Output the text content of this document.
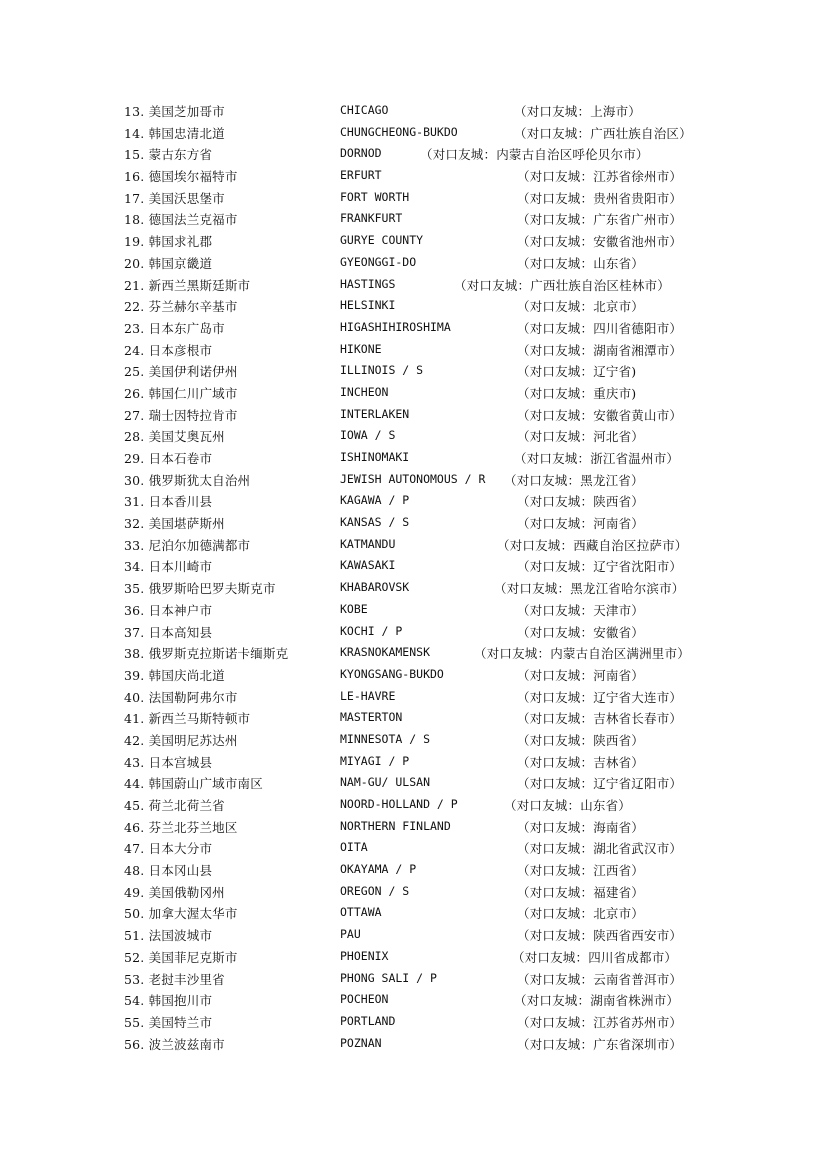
13. 美国芝加哥市	CHICAGO	（对口友城：上海市）
14. 韩国忠清北道	CHUNGCHEONG-BUKDO	（对口友城：广西壮族自治区）
15. 蒙古东方省	DORNOD	（对口友城：内蒙古自治区呼伦贝尔市）
16. 德国埃尔福特市	ERFURT	（对口友城：江苏省徐州市）
17. 美国沃思堡市	FORT WORTH	（对口友城：贵州省贵阳市）
18. 德国法兰克福市	FRANKFURT	（对口友城：广东省广州市）
19. 韩国求礼郡	GURYE COUNTY	（对口友城：安徽省池州市）
20. 韩国京畿道	GYEONGGI-DO	（对口友城：山东省）
21. 新西兰黑斯廷斯市	HASTINGS	（对口友城：广西壮族自治区桂林市）
22. 芬兰赫尔辛基市	HELSINKI	（对口友城：北京市）
23. 日本东广岛市	HIGASHIHIROSHIMA	（对口友城：四川省德阳市）
24. 日本彦根市	HIKONE	（对口友城：湖南省湘潭市）
25. 美国伊利诺伊州	ILLINOIS / S	（对口友城：辽宁省)
26. 韩国仁川广域市	INCHEON	（对口友城：重庆市)
27. 瑞士因特拉肯市	INTERLAKEN	（对口友城：安徽省黄山市）
28. 美国艾奥瓦州	IOWA / S	（对口友城：河北省）
29. 日本石卷市	ISHINOMAKI	（对口友城：浙江省温州市）
30. 俄罗斯犹太自治州	JEWISH AUTONOMOUS / R （对口友城：黑龙江省）
31. 日本香川县	KAGAWA / P	（对口友城：陕西省）
32. 美国堪萨斯州	KANSAS / S	（对口友城：河南省）
33. 尼泊尔加德满都市	KATMANDU	（对口友城：西藏自治区拉萨市）
34. 日本川崎市	KAWASAKI	（对口友城：辽宁省沈阳市）
35. 俄罗斯哈巴罗夫斯克市	KHABAROVSK	（对口友城：黑龙江省哈尔滨市）
36. 日本神户市	KOBE	（对口友城：天津市）
37. 日本高知县	KOCHI / P	（对口友城：安徽省）
38. 俄罗斯克拉斯诺卡缅斯克	KRASNOKAMENSK	（对口友城：内蒙古自治区满洲里市）
39. 韩国庆尚北道	KYONGSANG-BUKDO	（对口友城：河南省）
40. 法国勒阿弗尔市	LE-HAVRE	（对口友城：辽宁省大连市）
41. 新西兰马斯特顿市	MASTERTON	（对口友城：吉林省长春市）
42. 美国明尼苏达州	MINNESOTA / S	（对口友城：陕西省）
43. 日本宫城县	MIYAGI / P	（对口友城：吉林省）
44. 韩国蔚山广域市南区	NAM-GU/ ULSAN	（对口友城：辽宁省辽阳市）
45. 荷兰北荷兰省	NOORD-HOLLAND / P	（对口友城：山东省）
46. 芬兰北芬兰地区	NORTHERN FINLAND	（对口友城：海南省）
47. 日本大分市	OITA	（对口友城：湖北省武汉市）
48. 日本冈山县	OKAYAMA / P	（对口友城：江西省）
49. 美国俄勒冈州	OREGON / S	（对口友城：福建省）
50. 加拿大渥太华市	OTTAWA	（对口友城：北京市）
51. 法国波城市	PAU	（对口友城：陕西省西安市）
52. 美国菲尼克斯市	PHOENIX	（对口友城：四川省成都市）
53. 老挝丰沙里省	PHONG SALI / P	（对口友城：云南省普洱市）
54. 韩国抱川市	POCHEON	（对口友城：湖南省株洲市）
55. 美国特兰市	PORTLAND	（对口友城：江苏省苏州市）
56. 波兰波兹南市	POZNAN	（对口友城：广东省深圳市）
